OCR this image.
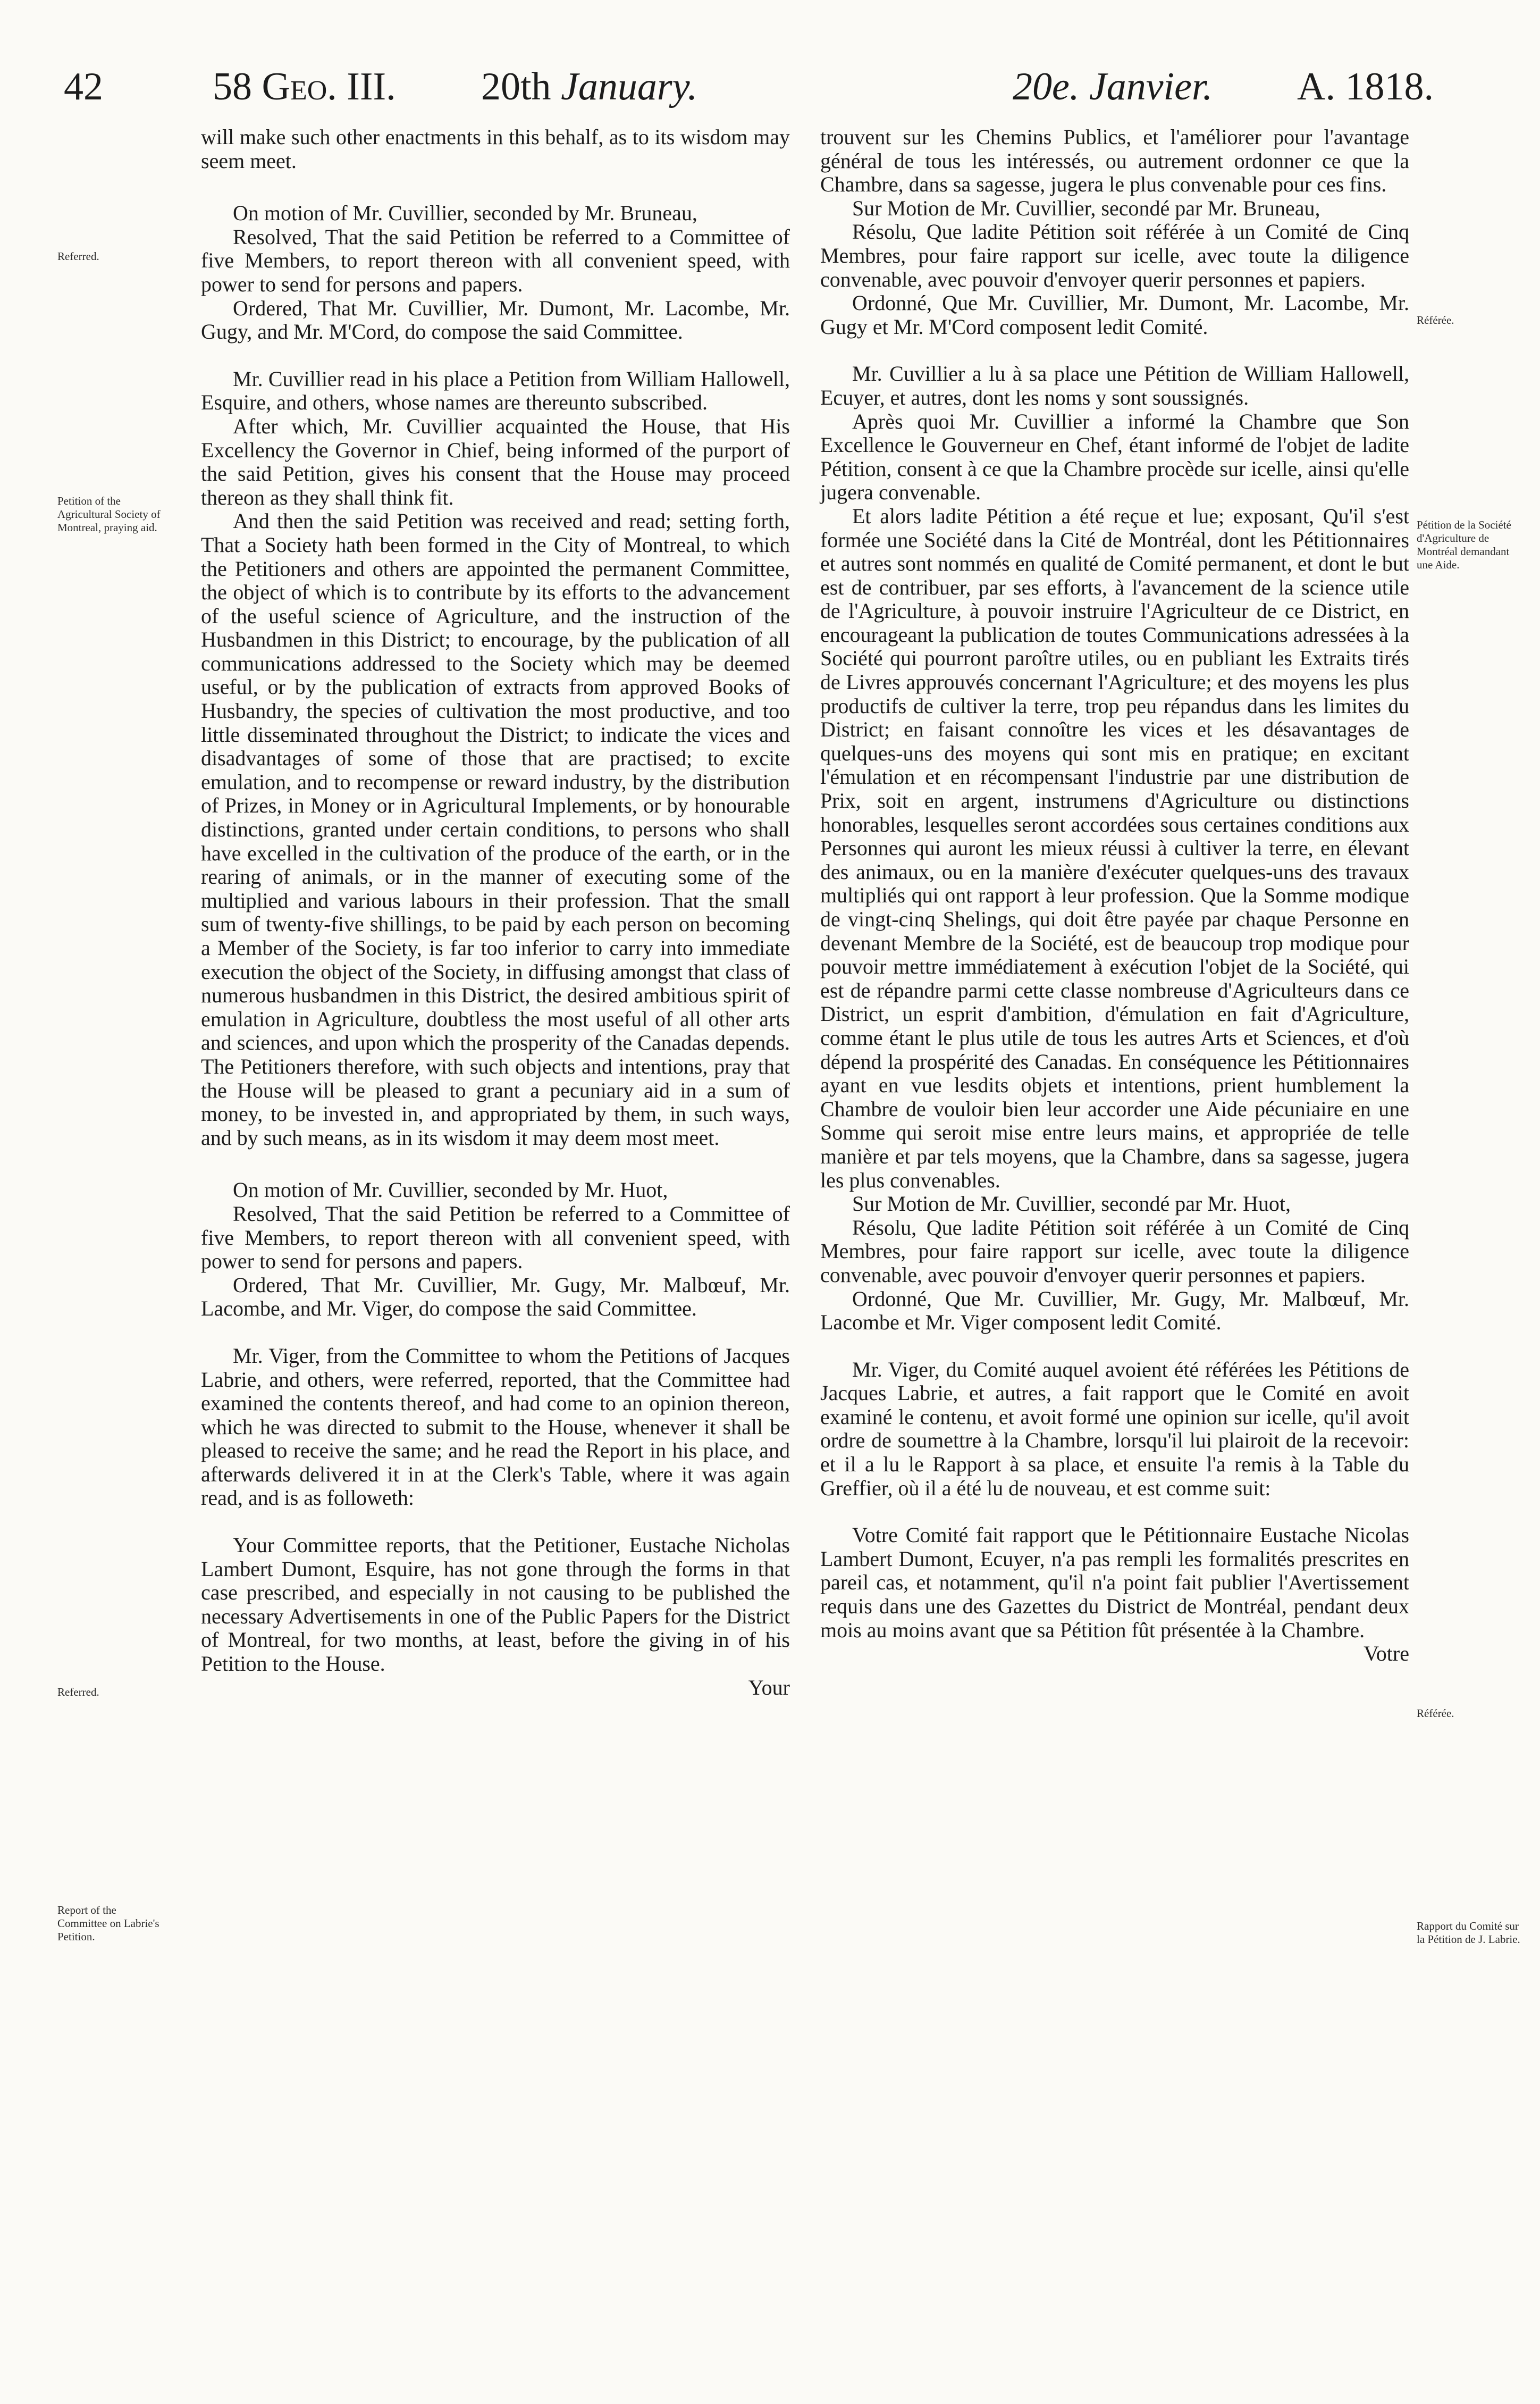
42	58 Geo. III. 20th January.	20e. Janvier. A. 1818.
Referred.
Petition of the Agricultural Society of Montreal, praying aid.
Referred.
Report of the Committee on Labrie's Petition.
Référée.
Pétition de la Société d'Agriculture de Montréal demandant une Aide.
Référée.
Rapport du Comité sur la Pétition de J. Labrie.

will make such other enactments in this behalf, as to its wisdom may seem meet.

On motion of Mr. Cuvillier, seconded by Mr. Bruneau,

Resolved, That the said Petition be referred to a Committee of five Members, to report thereon with all convenient speed, with power to send for persons and papers.

Ordered, That Mr. Cuvillier, Mr. Dumont, Mr. Lacombe, Mr. Gugy, and Mr. M'Cord, do compose the said Committee.

Mr. Cuvillier read in his place a Petition from William Hallowell, Esquire, and others, whose names are thereunto subscribed.

After which, Mr. Cuvillier acquainted the House, that His Excellency the Governor in Chief, being informed of the purport of the said Petition, gives his consent that the House may proceed thereon as they shall think fit.

And then the said Petition was received and read; setting forth, That a Society hath been formed in the City of Montreal, to which the Petitioners and others are appointed the permanent Committee, the object of which is to contribute by its efforts to the advancement of the useful science of Agriculture, and the instruction of the Husbandmen in this District; to encourage, by the publication of all communications addressed to the Society which may be deemed useful, or by the publication of extracts from approved Books of Husbandry, the species of cultivation the most productive, and too little disseminated throughout the District; to indicate the vices and disadvantages of some of those that are practised; to excite emulation, and to recompense or reward industry, by the distribution of Prizes, in Money or in Agricultural Implements, or by honourable distinctions, granted under certain conditions, to persons who shall have excelled in the cultivation of the produce of the earth, or in the rearing of animals, or in the manner of executing some of the multiplied and various labours in their profession. That the small sum of twenty-five shillings, to be paid by each person on becoming a Member of the Society, is far too inferior to carry into immediate execution the object of the Society, in diffusing amongst that class of numerous husbandmen in this District, the desired ambitious spirit of emulation in Agriculture, doubtless the most useful of all other arts and sciences, and upon which the prosperity of the Canadas depends. The Petitioners therefore, with such objects and intentions, pray that the House will be pleased to grant a pecuniary aid in a sum of money, to be invested in, and appropriated by them, in such ways, and by such means, as in its wisdom it may deem most meet.

On motion of Mr. Cuvillier, seconded by Mr. Huot,

Resolved, That the said Petition be referred to a Committee of five Members, to report thereon with all convenient speed, with power to send for persons and papers.

Ordered, That Mr. Cuvillier, Mr. Gugy, Mr. Malbœuf, Mr. Lacombe, and Mr. Viger, do compose the said Committee.

Mr. Viger, from the Committee to whom the Petitions of Jacques Labrie, and others, were referred, reported, that the Committee had examined the contents thereof, and had come to an opinion thereon, which he was directed to submit to the House, whenever it shall be pleased to receive the same; and he read the Report in his place, and afterwards delivered it in at the Clerk's Table, where it was again read, and is as followeth:

Your Committee reports, that the Petitioner, Eustache Nicholas Lambert Dumont, Esquire, has not gone through the forms in that case prescribed, and especially in not causing to be published the necessary Advertisements in one of the Public Papers for the District of Montreal, for two months, at least, before the giving in of his Petition to the House.

Your

trouvent sur les Chemins Publics, et l'améliorer pour l'avantage général de tous les intéressés, ou autrement ordonner ce que la Chambre, dans sa sagesse, jugera le plus convenable pour ces fins.

Sur Motion de Mr. Cuvillier, secondé par Mr. Bruneau,

Résolu, Que ladite Pétition soit référée à un Comité de Cinq Membres, pour faire rapport sur icelle, avec toute la diligence convenable, avec pouvoir d'envoyer querir personnes et papiers.

Ordonné, Que Mr. Cuvillier, Mr. Dumont, Mr. Lacombe, Mr. Gugy et Mr. M'Cord composent ledit Comité.

Mr. Cuvillier a lu à sa place une Pétition de William Hallowell, Ecuyer, et autres, dont les noms y sont soussignés.

Après quoi Mr. Cuvillier a informé la Chambre que Son Excellence le Gouverneur en Chef, étant informé de l'objet de ladite Pétition, consent à ce que la Chambre procède sur icelle, ainsi qu'elle jugera convenable.

Et alors ladite Pétition a été reçue et lue; exposant, Qu'il s'est formée une Société dans la Cité de Montréal, dont les Pétitionnaires et autres sont nommés en qualité de Comité permanent, et dont le but est de contribuer, par ses efforts, à l'avancement de la science utile de l'Agriculture, à pouvoir instruire l'Agriculteur de ce District, en encourageant la publication de toutes Communications adressées à la Société qui pourront paroître utiles, ou en publiant les Extraits tirés de Livres approuvés concernant l'Agriculture; et des moyens les plus productifs de cultiver la terre, trop peu répandus dans les limites du District; en faisant connoître les vices et les désavantages de quelques-uns des moyens qui sont mis en pratique; en excitant l'émulation et en récompensant l'industrie par une distribution de Prix, soit en argent, instrumens d'Agriculture ou distinctions honorables, lesquelles seront accordées sous certaines conditions aux Personnes qui auront les mieux réussi à cultiver la terre, en élevant des animaux, ou en la manière d'exécuter quelques-uns des travaux multipliés qui ont rapport à leur profession. Que la Somme modique de vingt-cinq Shelings, qui doit être payée par chaque Personne en devenant Membre de la Société, est de beaucoup trop modique pour pouvoir mettre immédiatement à exécution l'objet de la Société, qui est de répandre parmi cette classe nombreuse d'Agriculteurs dans ce District, un esprit d'ambition, d'émulation en fait d'Agriculture, comme étant le plus utile de tous les autres Arts et Sciences, et d'où dépend la prospérité des Canadas. En conséquence les Pétitionnaires ayant en vue lesdits objets et intentions, prient humblement la Chambre de vouloir bien leur accorder une Aide pécuniaire en une Somme qui seroit mise entre leurs mains, et appropriée de telle manière et par tels moyens, que la Chambre, dans sa sagesse, jugera les plus convenables.

Sur Motion de Mr. Cuvillier, secondé par Mr. Huot,

Résolu, Que ladite Pétition soit référée à un Comité de Cinq Membres, pour faire rapport sur icelle, avec toute la diligence convenable, avec pouvoir d'envoyer querir personnes et papiers.

Ordonné, Que Mr. Cuvillier, Mr. Gugy, Mr. Malbœuf, Mr. Lacombe et Mr. Viger composent ledit Comité.

Mr. Viger, du Comité auquel avoient été référées les Pétitions de Jacques Labrie, et autres, a fait rapport que le Comité en avoit examiné le contenu, et avoit formé une opinion sur icelle, qu'il avoit ordre de soumettre à la Chambre, lorsqu'il lui plairoit de la recevoir: et il a lu le Rapport à sa place, et ensuite l'a remis à la Table du Greffier, où il a été lu de nouveau, et est comme suit:

Votre Comité fait rapport que le Pétitionnaire Eustache Nicolas Lambert Dumont, Ecuyer, n'a pas rempli les formalités prescrites en pareil cas, et notamment, qu'il n'a point fait publier l'Avertissement requis dans une des Gazettes du District de Montréal, pendant deux mois au moins avant que sa Pétition fût présentée à la Chambre.

Votre
